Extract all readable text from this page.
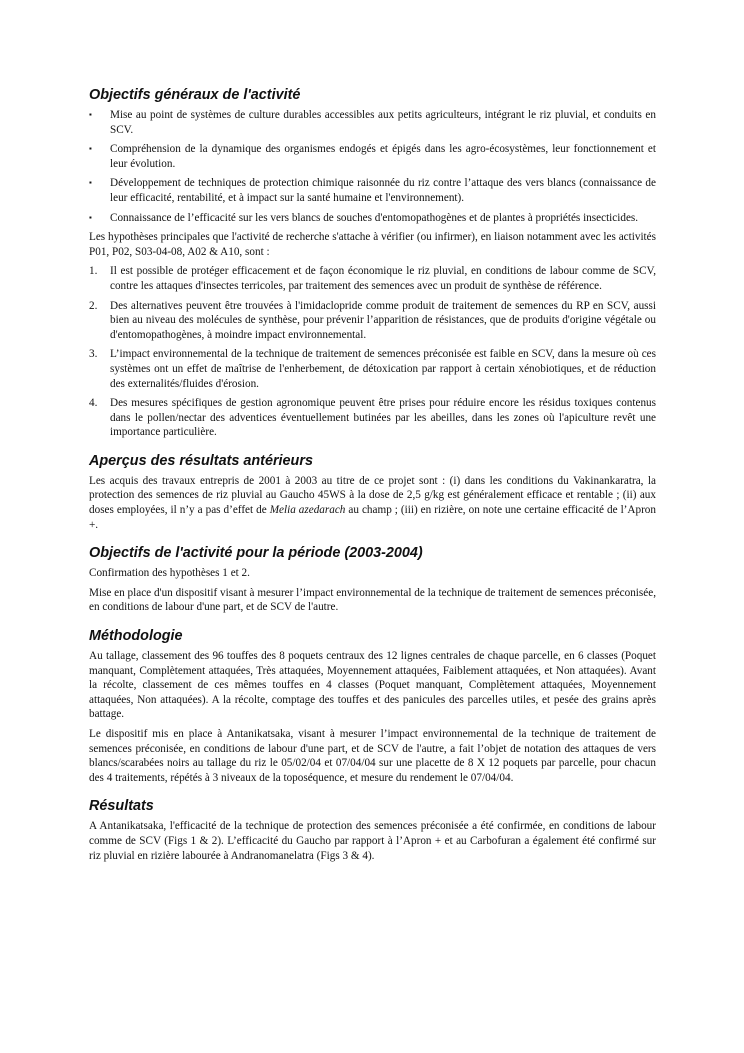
Objectifs généraux de l'activité
▪ Mise au point de systèmes de culture durables accessibles aux petits agriculteurs, intégrant le riz pluvial, et conduits en SCV.
▪ Compréhension de la dynamique des organismes endogés et épigés dans les agro-écosystèmes, leur fonctionnement et leur évolution.
▪ Développement de techniques de protection chimique raisonnée du riz contre l’attaque des vers blancs (connaissance de leur efficacité, rentabilité, et à impact sur la santé humaine et l'environnement).
▪ Connaissance de l’efficacité sur les vers blancs de souches d'entomopathogènes et de plantes à propriétés insecticides.

Les hypothèses principales que l'activité de recherche s'attache à vérifier (ou infirmer), en liaison notamment avec les activités P01, P02, S03-04-08, A02 & A10, sont :

1. Il est possible de protéger efficacement et de façon économique le riz pluvial, en conditions de labour comme de SCV, contre les attaques d'insectes terricoles, par traitement des semences avec un produit de synthèse de référence.
2. Des alternatives peuvent être trouvées à l'imidaclopride comme produit de traitement de semences du RP en SCV, aussi bien au niveau des molécules de synthèse, pour prévenir l’apparition de résistances, que de produits d'origine végétale ou d'entomopathogènes, à moindre impact environnemental.
3. L’impact environnemental de la technique de traitement de semences préconisée est faible en SCV, dans la mesure où ces systèmes ont un effet de maîtrise de l'enherbement, de détoxication par rapport à certain xénobiotiques, et de réduction des externalités/fluides d'érosion.
4. Des mesures spécifiques de gestion agronomique peuvent être prises pour réduire encore les résidus toxiques contenus dans le pollen/nectar des adventices éventuellement butinées par les abeilles, dans les zones où l'apiculture revêt une importance particulière.
Aperçus des résultats antérieurs

Les acquis des travaux entrepris de 2001 à 2003 au titre de ce projet sont : (i) dans les conditions du Vakinankaratra, la protection des semences de riz pluvial au Gaucho 45WS à la dose de 2,5 g/kg est généralement efficace et rentable ; (ii) aux doses employées, il n’y a pas d’effet de Melia azedarach au champ ; (iii) en rizière, on note une certaine efficacité de l’Apron +.

Objectifs de l'activité pour la période (2003-2004)

Confirmation des hypothèses 1 et 2.

Mise en place d'un dispositif visant à mesurer l’impact environnemental de la technique de traitement de semences préconisée, en conditions de labour d'une part, et de SCV de l'autre.

Méthodologie

Au tallage, classement des 96 touffes des 8 poquets centraux des 12 lignes centrales de chaque parcelle, en 6 classes (Poquet manquant, Complètement attaquées, Très attaquées, Moyennement attaquées, Faiblement attaquées, et Non attaquées). Avant la récolte, classement de ces mêmes touffes en 4 classes (Poquet manquant, Complètement attaquées, Moyennement attaquées, Non attaquées). A la récolte, comptage des touffes et des panicules des parcelles utiles, et pesée des grains après battage.

Le dispositif mis en place à Antanikatsaka, visant à mesurer l’impact environnemental de la technique de traitement de semences préconisée, en conditions de labour d'une part, et de SCV de l'autre, a fait l’objet de notation des attaques de vers blancs/scarabées noirs au tallage du riz le 05/02/04 et 07/04/04 sur une placette de 8 X 12 poquets par parcelle, pour chacun des 4 traitements, répétés à 3 niveaux de la toposéquence, et mesure du rendement le 07/04/04.

Résultats

A Antanikatsaka, l'efficacité de la technique de protection des semences préconisée a été confirmée, en conditions de labour comme de SCV (Figs 1 & 2). L’efficacité du Gaucho par rapport à l’Apron + et au Carbofuran a également été confirmé sur riz pluvial en rizière labourée à Andranomanelatra (Figs 3 & 4).
